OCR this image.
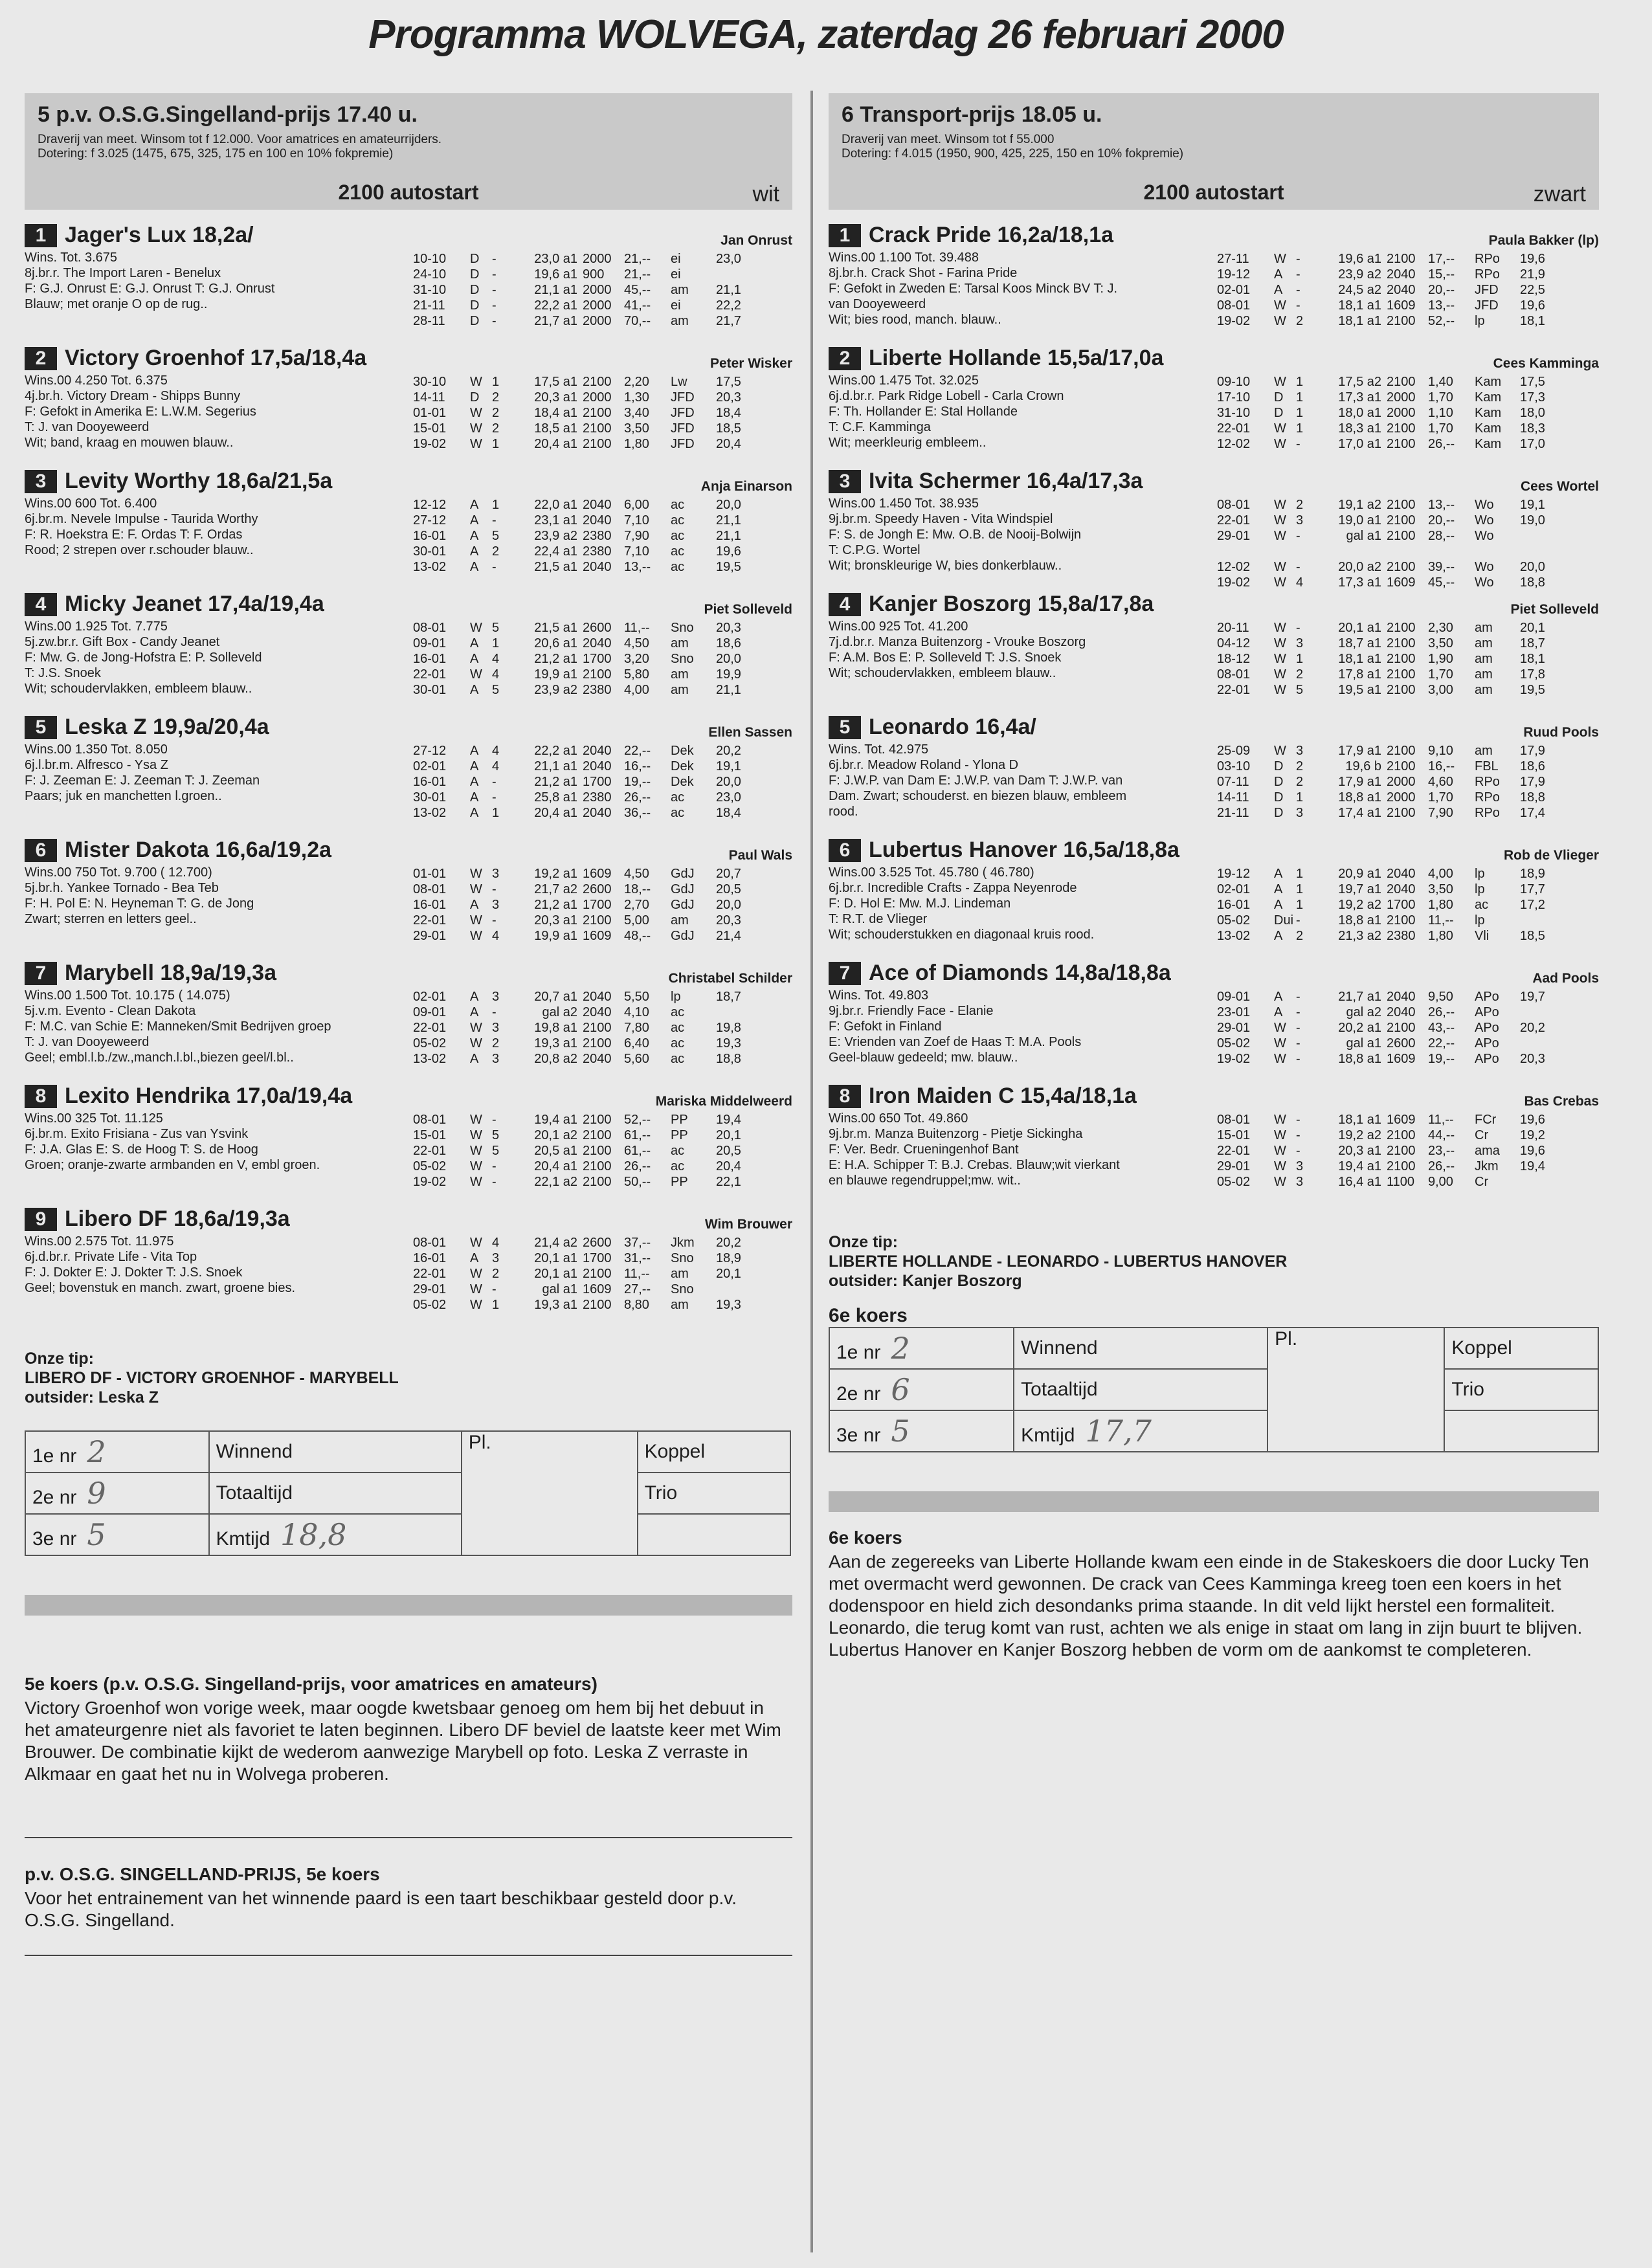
Programma WOLVEGA, zaterdag 26 februari 2000
5 p.v. O.S.G.Singelland-prijs 17.40 u.
Draverij van meet. Winsom tot f 12.000. Voor amatrices en amateurrijders.
Dotering: f 3.025 (1475, 675, 325, 175 en 100 en 10% fokpremie)
2100 autostart	wit
1 Jager's Lux 18,2a/	Jan Onrust
Wins. Tot. 3.675
8j.br.r. The Import Laren - Benelux
F: G.J. Onrust E: G.J. Onrust T: G.J. Onrust
Blauw; met oranje O op de rug..
10-10	D	-	23,0 a1	2000	21,--	ei	23,0
24-10	D	-	19,6 a1	900	21,--	ei	
31-10	D	-	21,1 a1	2000	45,--	am	21,1
21-11	D	-	22,2 a1	2000	41,--	ei	22,2
28-11	D	-	21,7 a1	2000	70,--	am	21,7
2 Victory Groenhof 17,5a/18,4a	Peter Wisker
Wins.00 4.250 Tot. 6.375
4j.br.h. Victory Dream - Shipps Bunny
F: Gefokt in Amerika E: L.W.M. Segerius
T: J. van Dooyeweerd
Wit; band, kraag en mouwen blauw..
30-10	W	1	17,5 a1	2100	2,20	Lw	17,5
14-11	D	2	20,3 a1	2000	1,30	JFD	20,3
01-01	W	2	18,4 a1	2100	3,40	JFD	18,4
15-01	W	2	18,5 a1	2100	3,50	JFD	18,5
19-02	W	1	20,4 a1	2100	1,80	JFD	20,4
3 Levity Worthy 18,6a/21,5a	Anja Einarson
Wins.00 600 Tot. 6.400
6j.br.m. Nevele Impulse - Taurida Worthy
F: R. Hoekstra E: F. Ordas T: F. Ordas
Rood; 2 strepen over r.schouder blauw..
12-12	A	1	22,0 a1	2040	6,00	ac	20,0
27-12	A	-	23,1 a1	2040	7,10	ac	21,1
16-01	A	5	23,9 a2	2380	7,90	ac	21,1
30-01	A	2	22,4 a1	2380	7,10	ac	19,6
13-02	A	-	21,5 a1	2040	13,--	ac	19,5
4 Micky Jeanet 17,4a/19,4a	Piet Solleveld
Wins.00 1.925 Tot. 7.775
5j.zw.br.r. Gift Box - Candy Jeanet
F: Mw. G. de Jong-Hofstra E: P. Solleveld
T: J.S. Snoek
Wit; schoudervlakken, embleem blauw..
08-01	W	5	21,5 a1	2600	11,--	Sno	20,3
09-01	A	1	20,6 a1	2040	4,50	am	18,6
16-01	A	4	21,2 a1	1700	3,20	Sno	20,0
22-01	W	4	19,9 a1	2100	5,80	am	19,9
30-01	A	5	23,9 a2	2380	4,00	am	21,1
5 Leska Z 19,9a/20,4a	Ellen Sassen
Wins.00 1.350 Tot. 8.050
6j.l.br.m. Alfresco - Ysa Z
F: J. Zeeman E: J. Zeeman T: J. Zeeman
Paars; juk en manchetten l.groen..
27-12	A	4	22,2 a1	2040	22,--	Dek	20,2
02-01	A	4	21,1 a1	2040	16,--	Dek	19,1
16-01	A	-	21,2 a1	1700	19,--	Dek	20,0
30-01	A	-	25,8 a1	2380	26,--	ac	23,0
13-02	A	1	20,4 a1	2040	36,--	ac	18,4
6 Mister Dakota 16,6a/19,2a	Paul Wals
Wins.00 750 Tot. 9.700 ( 12.700)
5j.br.h. Yankee Tornado - Bea Teb
F: H. Pol E: N. Heyneman T: G. de Jong
Zwart; sterren en letters geel..
01-01	W	3	19,2 a1	1609	4,50	GdJ	20,7
08-01	W	-	21,7 a2	2600	18,--	GdJ	20,5
16-01	A	3	21,2 a1	1700	2,70	GdJ	20,0
22-01	W	-	20,3 a1	2100	5,00	am	20,3
29-01	W	4	19,9 a1	1609	48,--	GdJ	21,4
7 Marybell 18,9a/19,3a	Christabel Schilder
Wins.00 1.500 Tot. 10.175 ( 14.075)
5j.v.m. Evento - Clean Dakota
F: M.C. van Schie E: Manneken/Smit Bedrijven groep
T: J. van Dooyeweerd
Geel; embl.l.b./zw.,manch.l.bl.,biezen geel/l.bl..
02-01	A	3	20,7 a1	2040	5,50	lp	18,7
09-01	A	-	gal a2	2040	4,10	ac	
22-01	W	3	19,8 a1	2100	7,80	ac	19,8
05-02	W	2	19,3 a1	2100	6,40	ac	19,3
13-02	A	3	20,8 a2	2040	5,60	ac	18,8
8 Lexito Hendrika 17,0a/19,4a	Mariska Middelweerd
Wins.00 325 Tot. 11.125
6j.br.m. Exito Frisiana - Zus van Ysvink
F: J.A. Glas E: S. de Hoog T: S. de Hoog
Groen; oranje-zwarte armbanden en V, embl groen.
08-01	W	-	19,4 a1	2100	52,--	PP	19,4
15-01	W	5	20,1 a2	2100	61,--	PP	20,1
22-01	W	5	20,5 a1	2100	61,--	ac	20,5
05-02	W	-	20,4 a1	2100	26,--	ac	20,4
19-02	W	-	22,1 a2	2100	50,--	PP	22,1
9 Libero DF 18,6a/19,3a	Wim Brouwer
Wins.00 2.575 Tot. 11.975
6j.d.br.r. Private Life - Vita Top
F: J. Dokter E: J. Dokter T: J.S. Snoek
Geel; bovenstuk en manch. zwart, groene bies.
08-01	W	4	21,4 a2	2600	37,--	Jkm	20,2
16-01	A	3	20,1 a1	1700	31,--	Sno	18,9
22-01	W	2	20,1 a1	2100	11,--	am	20,1
29-01	W	-	gal a1	1609	27,--	Sno	
05-02	W	1	19,3 a1	2100	8,80	am	19,3
Onze tip:
LIBERO DF - VICTORY GROENHOF - MARYBELL
outsider: Leska Z
1e nr 2	Winnend	Pl.	Koppel
2e nr 9	Totaaltijd		Trio
3e nr 5	Kmtijd 18,8		
5e koers (p.v. O.S.G. Singelland-prijs, voor amatrices en amateurs)
Victory Groenhof won vorige week, maar oogde kwetsbaar genoeg om hem bij het debuut in het amateurgenre niet als favoriet te laten beginnen. Libero DF beviel de laatste keer met Wim Brouwer. De combinatie kijkt de wederom aanwezige Marybell op foto. Leska Z verraste in Alkmaar en gaat het nu in Wolvega proberen.
p.v. O.S.G. SINGELLAND-PRIJS, 5e koers
Voor het entrainement van het winnende paard is een taart beschikbaar gesteld door p.v. O.S.G. Singelland.
6 Transport-prijs 18.05 u.
Draverij van meet. Winsom tot f 55.000
Dotering: f 4.015 (1950, 900, 425, 225, 150 en 10% fokpremie)
2100 autostart	zwart
1 Crack Pride 16,2a/18,1a	Paula Bakker (lp)
Wins.00 1.100 Tot. 39.488
8j.br.h. Crack Shot - Farina Pride
F: Gefokt in Zweden E: Tarsal Koos Minck BV T: J.
van Dooyeweerd
Wit; bies rood, manch. blauw..
27-11	W	-	19,6 a1	2100	17,--	RPo	19,6
19-12	A	-	23,9 a2	2040	15,--	RPo	21,9
02-01	A	-	24,5 a2	2040	20,--	JFD	22,5
08-01	W	-	18,1 a1	1609	13,--	JFD	19,6
19-02	W	2	18,1 a1	2100	52,--	lp	18,1
2 Liberte Hollande 15,5a/17,0a	Cees Kamminga
Wins.00 1.475 Tot. 32.025
6j.d.br.r. Park Ridge Lobell - Carla Crown
F: Th. Hollander E: Stal Hollande
T: C.F. Kamminga
Wit; meerkleurig embleem..
09-10	W	1	17,5 a2	2100	1,40	Kam	17,5
17-10	D	1	17,3 a1	2000	1,70	Kam	17,3
31-10	D	1	18,0 a1	2000	1,10	Kam	18,0
22-01	W	1	18,3 a1	2100	1,70	Kam	18,3
12-02	W	-	17,0 a1	2100	26,--	Kam	17,0
3 Ivita Schermer 16,4a/17,3a	Cees Wortel
Wins.00 1.450 Tot. 38.935
9j.br.m. Speedy Haven - Vita Windspiel
F: S. de Jongh E: Mw. O.B. de Nooij-Bolwijn
T: C.P.G. Wortel
Wit; bronskleurige W, bies donkerblauw..
08-01	W	2	19,1 a2	2100	13,--	Wo	19,1
22-01	W	3	19,0 a1	2100	20,--	Wo	19,0
29-01	W	-	gal a1	2100	28,--	Wo	

12-02	W	-	20,0 a2	2100	39,--	Wo	20,0
19-02	W	4	17,3 a1	1609	45,--	Wo	18,8
4 Kanjer Boszorg 15,8a/17,8a	Piet Solleveld
Wins.00 925 Tot. 41.200
7j.d.br.r. Manza Buitenzorg - Vrouke Boszorg
F: A.M. Bos E: P. Solleveld T: J.S. Snoek
Wit; schoudervlakken, embleem blauw..
20-11	W	-	20,1 a1	2100	2,30	am	20,1
04-12	W	3	18,7 a1	2100	3,50	am	18,7
18-12	W	1	18,1 a1	2100	1,90	am	18,1
08-01	W	2	17,8 a1	2100	1,70	am	17,8
22-01	W	5	19,5 a1	2100	3,00	am	19,5
5 Leonardo 16,4a/	Ruud Pools
Wins. Tot. 42.975
6j.br.r. Meadow Roland - Ylona D
F: J.W.P. van Dam E: J.W.P. van Dam T: J.W.P. van
Dam. Zwart; schouderst. en biezen blauw, embleem
rood.
25-09	W	3	17,9 a1	2100	9,10	am	17,9
03-10	D	2	19,6 b	2100	16,--	FBL	18,6
07-11	D	2	17,9 a1	2000	4,60	RPo	17,9
14-11	D	1	18,8 a1	2000	1,70	RPo	18,8
21-11	D	3	17,4 a1	2100	7,90	RPo	17,4
6 Lubertus Hanover 16,5a/18,8a	Rob de Vlieger
Wins.00 3.525 Tot. 45.780 ( 46.780)
6j.br.r. Incredible Crafts - Zappa Neyenrode
F: D. Hol E: Mw. M.J. Lindeman
T: R.T. de Vlieger
Wit; schouderstukken en diagonaal kruis rood.
19-12	A	1	20,9 a1	2040	4,00	lp	18,9
02-01	A	1	19,7 a1	2040	3,50	lp	17,7
16-01	A	1	19,2 a2	1700	1,80	ac	17,2
05-02	Dui	-	18,8 a1	2100	11,--	lp	
13-02	A	2	21,3 a2	2380	1,80	Vli	18,5
7 Ace of Diamonds 14,8a/18,8a	Aad Pools
Wins. Tot. 49.803
9j.br.r. Friendly Face - Elanie
F: Gefokt in Finland
E: Vrienden van Zoef de Haas T: M.A. Pools
Geel-blauw gedeeld; mw. blauw..
09-01	A	-	21,7 a1	2040	9,50	APo	19,7
23-01	A	-	gal a2	2040	26,--	APo	
29-01	W	-	20,2 a1	2100	43,--	APo	20,2
05-02	W	-	gal a1	2600	22,--	APo	
19-02	W	-	18,8 a1	1609	19,--	APo	20,3
8 Iron Maiden C 15,4a/18,1a	Bas Crebas
Wins.00 650 Tot. 49.860
9j.br.m. Manza Buitenzorg - Pietje Sickingha
F: Ver. Bedr. Crueningenhof Bant
E: H.A. Schipper T: B.J. Crebas. Blauw;wit vierkant
en blauwe regendruppel;mw. wit..
08-01	W	-	18,1 a1	1609	11,--	FCr	19,6
15-01	W	-	19,2 a2	2100	44,--	Cr	19,2
22-01	W	-	20,3 a1	2100	23,--	ama	19,6
29-01	W	3	19,4 a1	2100	26,--	Jkm	19,4
05-02	W	3	16,4 a1	1100	9,00	Cr	
Onze tip:
LIBERTE HOLLANDE - LEONARDO - LUBERTUS HANOVER
outsider: Kanjer Boszorg
6e koers
1e nr 2	Winnend	Pl.	Koppel
2e nr 6	Totaaltijd		Trio
3e nr 5	Kmtijd 17,7		
6e koers
Aan de zegereeks van Liberte Hollande kwam een einde in de Stakeskoers die door Lucky Ten met overmacht werd gewonnen. De crack van Cees Kamminga kreeg toen een koers in het dodenspoor en hield zich desondanks prima staande. In dit veld lijkt herstel een formaliteit. Leonardo, die terug komt van rust, achten we als enige in staat om lang in zijn buurt te blijven. Lubertus Hanover en Kanjer Boszorg hebben de vorm om de aankomst te completeren.
